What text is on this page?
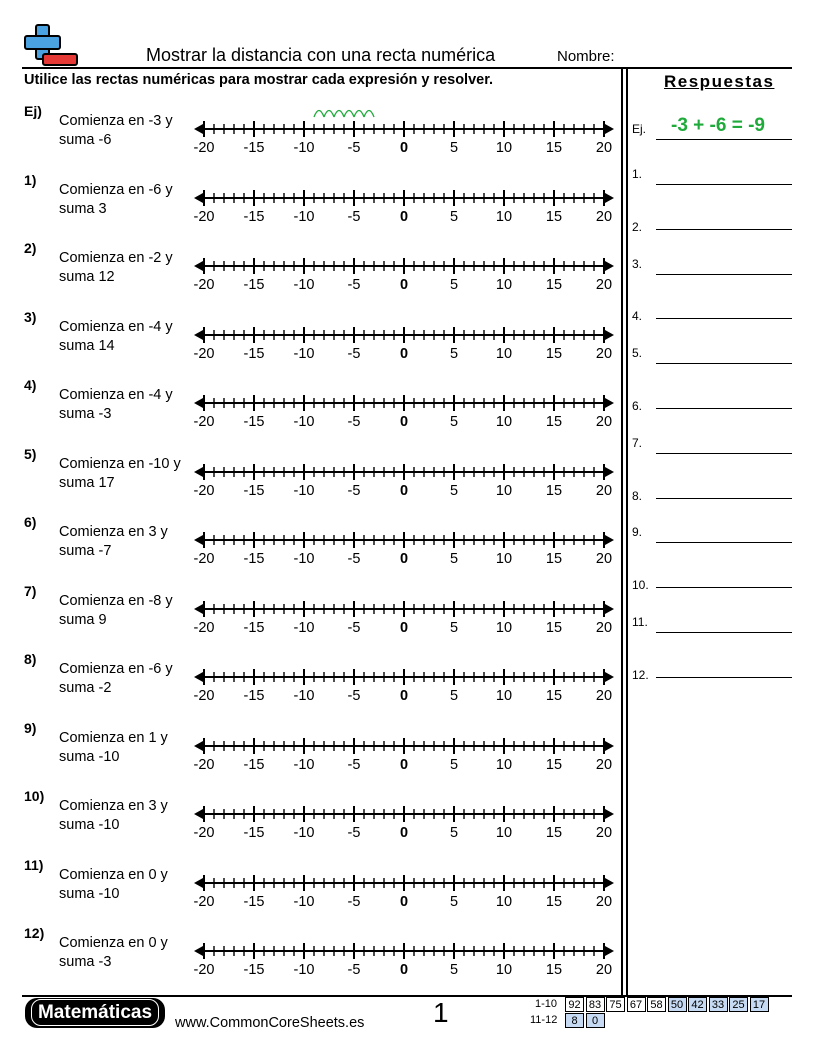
Mostrar la distancia con una recta numérica	Nombre:
Utilice las rectas numéricas para mostrar cada expresión y resolver.	Respuestas
Ej)
Comienza en -3 y suma -6	-20 -15 -10 -5	0	5	10 15 20
1)
Comienza en -6 y suma 3	-20 -15 -10 -5	0	5	10 15 20
2)
Comienza en -2 y suma 12	-20 -15 -10 -5	0	5	10 15 20
3)
Comienza en -4 y suma 14	-20 -15 -10 -5	0	5	10 15 20
4)
Comienza en -4 y suma -3	-20 -15 -10 -5	0	5	10 15 20
5)
Comienza en -10 y suma 17	-20 -15 -10 -5	0	5	10 15 20
6)
Comienza en 3 y suma -7	-20 -15 -10 -5	0	5	10 15 20
7)
Comienza en -8 y suma 9	-20 -15 -10 -5	0	5	10 15 20
8)
Comienza en -6 y suma -2	-20 -15 -10 -5	0	5	10 15 20
9)
Comienza en 1 y suma -10	-20 -15 -10 -5	0	5	10 15 20
10)
Comienza en 3 y suma -10	-20 -15 -10 -5	0	5	10 15 20
11)
Comienza en 0 y suma -10	-20 -15 -10 -5	0	5	10 15 20
12)
Comienza en 0 y suma -3	-20 -15 -10 -5	0	5	10 15 20
Ej. -3 + -6 = -9
1.
2.
3.
4.
5.
6.
7.
8.
9.
10.
11.
12.
Matemáticas	www.CommonCoreSheets.es 1	1-10	92 83 75 67 58 50 42 33 25 17
11-12	8	0
